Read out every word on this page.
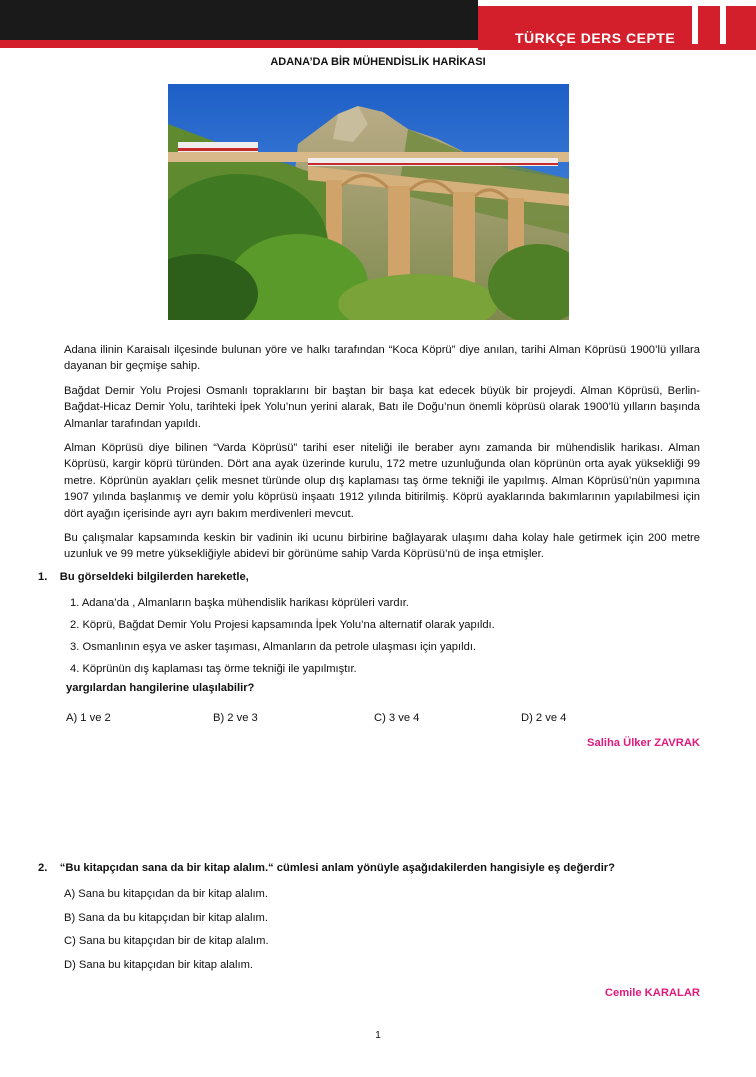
TÜRKÇE DERS CEPTE
ADANA’DA BİR MÜHENDİSLİK HARİKASI

Adana ilinin Karaisalı ilçesinde bulunan yöre ve halkı tarafından “Koca Köprü” diye anılan, tarihi Alman Köprüsü 1900’lü yıllara dayanan bir geçmişe sahip.

Bağdat Demir Yolu Projesi Osmanlı topraklarını bir baştan bir başa kat edecek büyük bir projeydi. Alman Köprüsü, Berlin-Bağdat-Hicaz Demir Yolu, tarihteki İpek Yolu’nun yerini alarak, Batı ile Doğu’nun önemli köprüsü olarak 1900’lü yılların başında Almanlar tarafından yapıldı.

Alman Köprüsü diye bilinen “Varda Köprüsü” tarihi eser niteliği ile beraber aynı zamanda bir mühendislik harikası. Alman Köprüsü, kargir köprü türünden. Dört ana ayak üzerinde kurulu, 172 metre uzunluğunda olan köprünün orta ayak yüksekliği 99 metre. Köprünün ayakları çelik mesnet türünde olup dış kaplaması taş örme tekniği ile yapılmış. Alman Köprüsü’nün yapımına 1907 yılında başlanmış ve demir yolu köprüsü inşaatı 1912 yılında bitirilmiş. Köprü ayaklarında bakımlarının yapılabilmesi için dört ayağın içerisinde ayrı ayrı bakım merdivenleri mevcut.

Bu çalışmalar kapsamında keskin bir vadinin iki ucunu birbirine bağlayarak ulaşımı daha kolay hale getirmek için 200 metre uzunluk ve 99 metre yüksekliğiyle abidevi bir görünüme sahip Varda Köprüsü’nü de inşa etmişler.

1. Bu görseldeki bilgilerden hareketle,
1. Adana’da , Almanların başka mühendislik harikası köprüleri vardır.
2. Köprü, Bağdat Demir Yolu Projesi kapsamında İpek Yolu’na alternatif olarak yapıldı.
3. Osmanlının eşya ve asker taşıması, Almanların da petrole ulaşması için yapıldı.
4. Köprünün dış kaplaması taş örme tekniği ile yapılmıştır.
yargılardan hangilerine ulaşılabilir?
A) 1 ve 2	B) 2 ve 3	C) 3 ve 4	D) 2 ve 4
Saliha Ülker ZAVRAK
2. “Bu kitapçıdan sana da bir kitap alalım.“ cümlesi anlam yönüyle aşağıdakilerden hangisiyle eş değerdir?
A) Sana bu kitapçıdan da bir kitap alalım.
B) Sana da bu kitapçıdan bir kitap alalım.
C) Sana bu kitapçıdan bir de kitap alalım.
D) Sana bu kitapçıdan bir kitap alalım.
Cemile KARALAR
1
